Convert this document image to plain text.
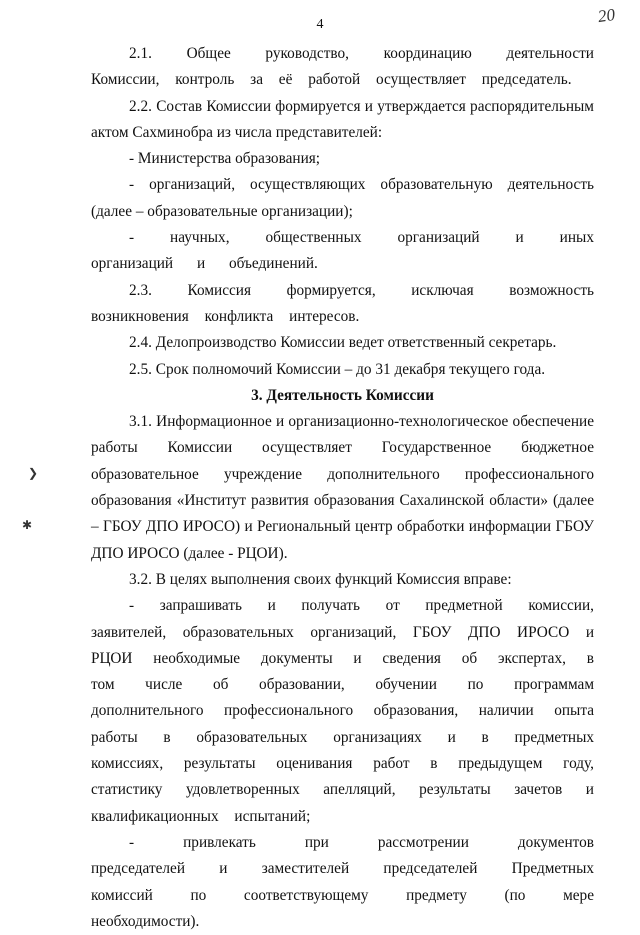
4	20
❯
✱

2.1. Общее руководство, координацию деятельности Комиссии, контроль за её работой осуществляет председатель.

2.2. Состав Комиссии формируется и утверждается распорядительным актом Сахминобра из числа представителей:

- Министерства образования;

- организаций, осуществляющих образовательную деятельность (далее – образовательные организации);

- научных, общественных организаций и иных организаций и объединений.

2.3. Комиссия формируется, исключая возможность возникновения конфликта интересов.

2.4. Делопроизводство Комиссии ведет ответственный секретарь.

2.5. Срок полномочий Комиссии – до 31 декабря текущего года.

3. Деятельность Комиссии

3.1. Информационное и организационно-технологическое обеспечение работы Комиссии осуществляет Государственное бюджетное образовательное учреждение дополнительного профессионального образования «Институт развития образования Сахалинской области» (далее – ГБОУ ДПО ИРОСО) и Региональный центр обработки информации ГБОУ ДПО ИРОСО (далее - РЦОИ).

3.2. В целях выполнения своих функций Комиссия вправе:

- запрашивать и получать от предметной комиссии, заявителей, образовательных организаций, ГБОУ ДПО ИРОСО и РЦОИ необходимые документы и сведения об экспертах, в том числе об образовании, обучении по программам дополнительного профессионального образования, наличии опыта работы в образовательных организациях и в предметных комиссиях, результаты оценивания работ в предыдущем году, статистику удовлетворенных апелляций, результаты зачетов и квалификационных испытаний;

- привлекать при рассмотрении документов председателей и заместителей председателей Предметных комиссий по соответствующему предмету (по мере необходимости).
